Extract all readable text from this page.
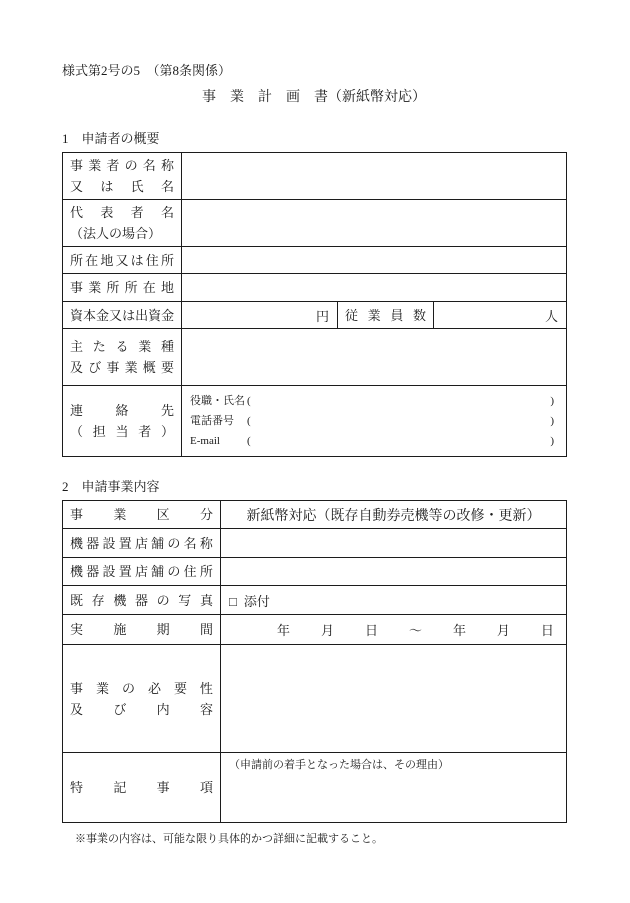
様式第2号の5　（第8条関係）
事　業　計　画　書（新紙幣対応）
1　申請者の概要
事 業 者 の 名 称
又 は 氏 名

代 表 者 名
（法人の場合）			

所 在 地 又 は 住 所

事 業 所 所 在 地

資 本 金 又 は 出 資 金	円	従 業 員 数	人

主 た る 業 種
及 び 事 業 概 要

連 絡 先
（ 担 当 者 ）

役職・氏名 (	)
電話番号	(	)
E-mail	(	)
2　申請事業内容
事 業 区 分	新紙幣対応（既存自動券売機等の改修・更新）

機 器 設 置 店 舗 の 名 称

機 器 設 置 店 舗 の 住 所

既 存 機 器 の 写 真	□ 添付

実 施 期 間	年 月 日 ～ 年 月 日

事 業 の 必 要 性
及 び 内 容

特 記 事 項	（申請前の着手となった場合は、その理由）
※事業の内容は、可能な限り具体的かつ詳細に記載すること。
